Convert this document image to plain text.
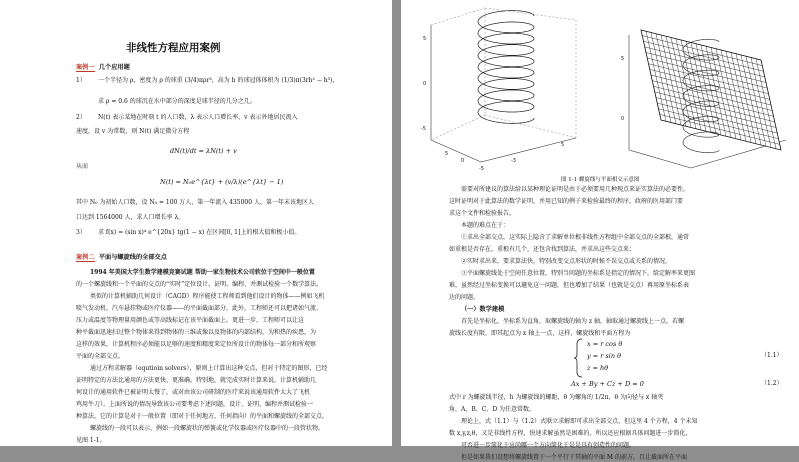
非线性方程应用案例
案例一 几个应用题
1） 一个半径为 ρ，密度为 ρ 的球重 (3/4)πρr³，高为 h 的球冠体体积为 (1/3)π(3rh² − h³)，
求 ρ = 0.6 的球沉在水中部分的深度是球半径的几分之几。
2） N(t) 表示某地在时刻 t 的人口数，λ 表示人口增长率，v 表示外地居民流入
速度，设 v 为常数，则 N(t) 满足微分方程
dN(t)/dt = λN(t) + v
从而
N(t) = N₀e^{λt} + (v/λ)(e^{λt} − 1)
其中 N₀ 为初始人口数，设 N₀ = 100 万人，第一年流入 435000 人，第一年末该地区人
口达到 1564000 人，求人口增长率 λ。
3） 求 f(x) = (sin x)⁴ e^{20x} tg(1 − x) 在区间[0, 1]上的根大值和极小值。
案例二 平面与螺旋线的全部交点
1994 年美国大学生数学建模竞赛试题 帮助一家生物技术公司软位于空间中一般位置
的一个螺旋线和一个平面的交点的“实时”定位设计、证明、编程、并测试检验一个数学算法。
类似的计算机辅助几何设计（CAGD）程序能使工程师看到他们设计的物体——例如飞机
喷气发动机、汽车悬挂物或医疗仪器——的平面截面部分，此外，工程师还可以把诸如气流、
压力或温度等物理量用颜色或等高线标记在该平面截面上。更进一步，工程师可以让这
种平截面迅速扫过整个物体来得到物体的三维或像以及物体的内部结构，为和热的疾患，为
这样的效果，计算机程序必须能以足够的速度和精度来定位所设计的物体每一部分和所观察
平面的全部交点。
通过方程求解器（equtioin solvers），原则上计算出这种交点，但对于特定的图形，已经
证明特定的方法比通用的方法更快、更准确。特别地，就完成实时计算来说，计算机辅助几
何设计的通用软件已被证明太慢了，或对由该公司研制的医疗来说该通用软件太大了飞机
鸡用牛刀）。上面所说的情况导致该公司要考虑下述问题，设计、证明、编程并测试检验一
种算法，它的计算是对于一般位置（即对于任何地方，任何指向）的平面和螺旋线的全部交点。
螺旋线的一段可以表示，例如一段螺旋状的弹簧或化学仪器或医疗仪器中的一段管状物。
见图 1-1。
5
0
-5
-3
5
-5
0
5
0
5
图 1-1 螺旋线与平面相交示意图
需要对所建议的算法给以某种理论证明是由于必须要用几种现点来证实算法的必要性，
这时证明对于此算法的数学证明，并用已知的例子来检验最终的程序，政府的医用部门要
求这个文件和检验报告。
本题的难点在于：
①求出全部交点，这实际上隐含了求解单位根非线性方程组中全部交点的全部根，通常
如重根是否存在，重根有几个，还包含找到算法，并求出这些交点来；
②实时求出来，要求算法快，特别改变交点形状的时候不误交点或关系的情况，
③平面螺旋线处于空间任意位置，特别当问题的坐标系是指定的情况下，给定解率来更图
难，虽然经过坐标变换可以避免这一问题，但也增加了结果（也就是交点）再用原坐标系表
达的问题。
（一）数学建模
首先是坐标化，坐标系为直角，取螺旋线的轴为 z 轴，轴取通过螺旋线上一点，若螺
旋线长度有限，即其起点为 x 轴上一点，这样，螺旋线和平面方程为
x = r cos θ
y = r sin θ
z = hθ
（1.1）
Ax + By + Cz + D = 0	（1.2）
式中 r 为螺旋线半径，h 为螺旋线的螺距，θ 为螺角的 1/2π，θ 为向径与 x 轴夹
角，A、B、C、D 为任意常数。
理论上，式（1.1）与（1.2）式联立求解即可求出全部交点，但这里 4 个方程，4 个未知
数 x,y,z,θ，又是非线性方程，快速求解虽然是困难的，所以还应根据具体问题进一步简化，
可否进一步简化于应尚哪一个方向简化于是是具有创造性的问题。
但是如果我们设想将螺旋线置于一个平行于其轴的平面 M 的前方，且让截面所在平面
